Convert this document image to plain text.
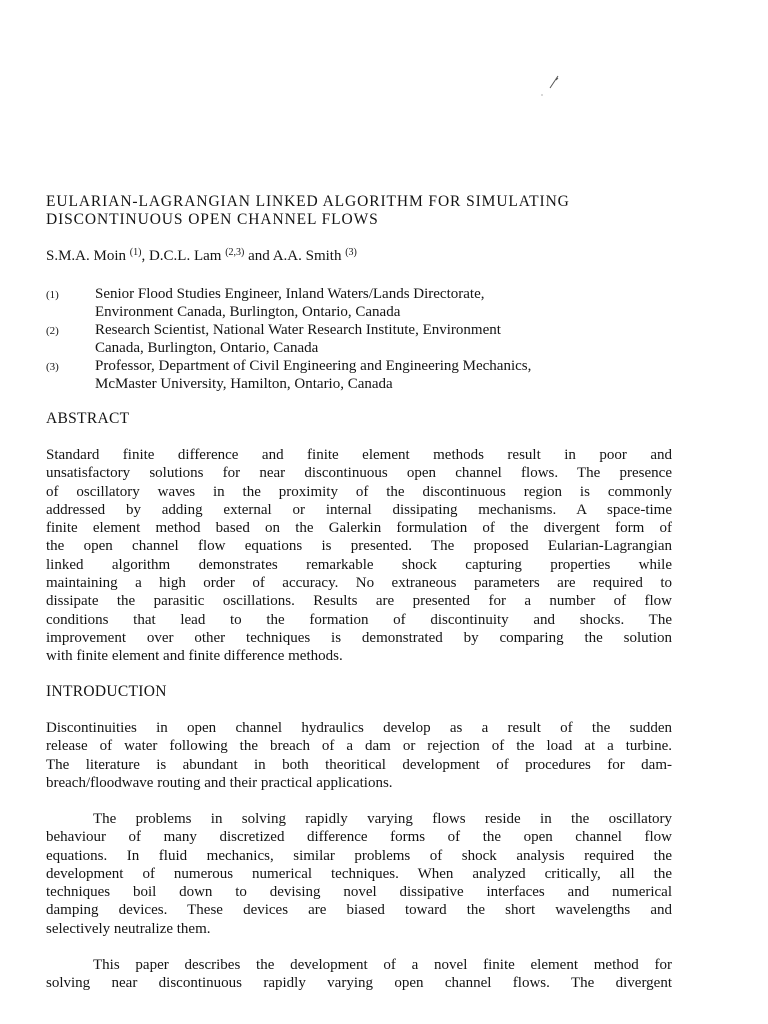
EULARIAN-LAGRANGIAN LINKED ALGORITHM FOR SIMULATING
DISCONTINUOUS OPEN CHANNEL FLOWS
S.M.A. Moin $^{(1)}$, D.C.L. Lam $^{(2,3)}$ and A.A. Smith $^{(3)}$
(1)	Senior Flood Studies Engineer, Inland Waters/Lands Directorate,
Environment Canada, Burlington, Ontario, Canada
(2)	Research Scientist, National Water Research Institute, Environment
Canada, Burlington, Ontario, Canada
(3)	Professor, Department of Civil Engineering and Engineering Mechanics,
McMaster University, Hamilton, Ontario, Canada
ABSTRACT
Standard finite difference and finite element methods result in poor and
unsatisfactory solutions for near discontinuous open channel flows. The presence
of oscillatory waves in the proximity of the discontinuous region is commonly
addressed by adding external or internal dissipating mechanisms. A space-time
finite element method based on the Galerkin formulation of the divergent form of
the open channel flow equations is presented. The proposed Eularian-Lagrangian
linked algorithm demonstrates remarkable shock capturing properties while
maintaining a high order of accuracy. No extraneous parameters are required to
dissipate the parasitic oscillations. Results are presented for a number of flow
conditions that lead to the formation of discontinuity and shocks. The
improvement over other techniques is demonstrated by comparing the solution
with finite element and finite difference methods.
INTRODUCTION
Discontinuities in open channel hydraulics develop as a result of the sudden
release of water following the breach of a dam or rejection of the load at a turbine.
The literature is abundant in both theoritical development of procedures for dam-
breach/floodwave routing and their practical applications.
The problems in solving rapidly varying flows reside in the oscillatory
behaviour of many discretized difference forms of the open channel flow
equations. In fluid mechanics, similar problems of shock analysis required the
development of numerous numerical techniques. When analyzed critically, all the
techniques boil down to devising novel dissipative interfaces and numerical
damping devices. These devices are biased toward the short wavelengths and
selectively neutralize them.
This paper describes the development of a novel finite element method for
solving near discontinuous rapidly varying open channel flows. The divergent
